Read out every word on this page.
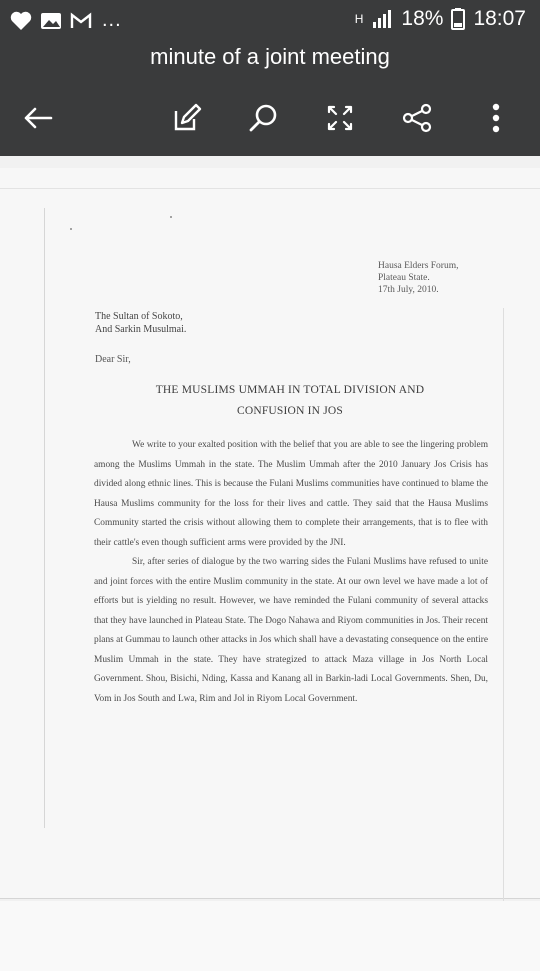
...	H 18% 18:07
minute of a joint meeting
Hausa Elders Forum,
Plateau State.
17th July, 2010.
The Sultan of Sokoto,
And Sarkin Musulmai.
Dear Sir,
THE MUSLIMS UMMAH IN TOTAL DIVISION AND
CONFUSION IN JOS

We write to your exalted position with the belief that you are able to see the lingering problem among the Muslims Ummah in the state. The Muslim Ummah after the 2010 January Jos Crisis has divided along ethnic lines. This is because the Fulani Muslims communities have continued to blame the Hausa Muslims community for the loss for their lives and cattle. They said that the Hausa Muslims Community started the crisis without allowing them to complete their arrangements, that is to flee with their cattle's even though sufficient arms were provided by the JNI.

Sir, after series of dialogue by the two warring sides the Fulani Muslims have refused to unite and joint forces with the entire Muslim community in the state. At our own level we have made a lot of efforts but is yielding no result. However, we have reminded the Fulani community of several attacks that they have launched in Plateau State. The Dogo Nahawa and Riyom communities in Jos. Their recent plans at Gummau to launch other attacks in Jos which shall have a devastating consequence on the entire Muslim Ummah in the state. They have strategized to attack Maza village in Jos North Local Government. Shou, Bisichi, Nding, Kassa and Kanang all in Barkin-ladi Local Governments. Shen, Du, Vom in Jos South and Lwa, Rim and Jol in Riyom Local Government.
